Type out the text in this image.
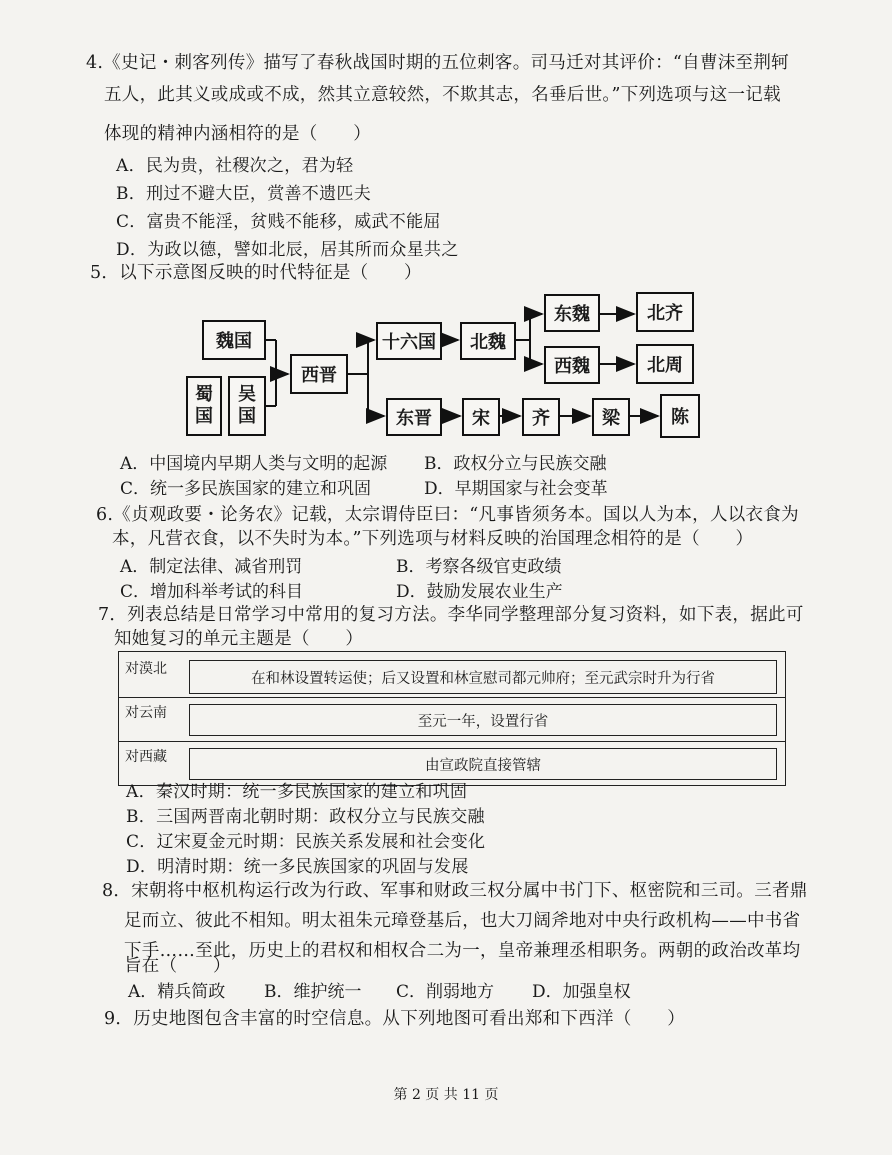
4.《史记・刺客列传》描写了春秋战国时期的五位刺客。司马迁对其评价：“自曹沫至荆轲
五人，此其义或成或不成，然其立意较然，不欺其志，名垂后世。”下列选项与这一记载
体现的精神内涵相符的是（　　）
A．民为贵，社稷次之，君为轻
B．刑过不避大臣，赏善不遗匹夫
C．富贵不能淫，贫贱不能移，威武不能屈
D．为政以德，譬如北辰，居其所而众星共之
5．以下示意图反映的时代特征是（　　）
魏国
蜀
国
吴
国
西晋
十六国	北魏
东魏
西魏
北齐
北周
东晋	宋	齐	梁	陈
A．中国境内早期人类与文明的起源 B．政权分立与民族交融
C．统一多民族国家的建立和巩固	D．早期国家与社会变革
6.《贞观政要・论务农》记载，太宗谓侍臣曰：“凡事皆须务本。国以人为本，人以衣食为
本，凡营衣食，以不失时为本。”下列选项与材料反映的治国理念相符的是（　　）
A．制定法律、减省刑罚	B．考察各级官吏政绩
C．增加科举考试的科目	D．鼓励发展农业生产
7．列表总结是日常学习中常用的复习方法。李华同学整理部分复习资料，如下表，据此可
知她复习的单元主题是（　　）
对漠北
在和林设置转运使；后又设置和林宣慰司都元帅府；至元武宗时升为行省
对云南
至元一年，设置行省
对西藏
由宣政院直接管辖
A．秦汉时期：统一多民族国家的建立和巩固
B．三国两晋南北朝时期：政权分立与民族交融
C．辽宋夏金元时期：民族关系发展和社会变化
D．明清时期：统一多民族国家的巩固与发展
8．宋朝将中枢机构运行改为行政、军事和财政三权分属中书门下、枢密院和三司。三者鼎
足而立、彼此不相知。明太祖朱元璋登基后，也大刀阔斧地对中央行政机构——中书省
下手……至此，历史上的君权和相权合二为一，皇帝兼理丞相职务。两朝的政治改革均
旨在（　　）
A．精兵简政 B．维护统一 C．削弱地方 D．加强皇权
9．历史地图包含丰富的时空信息。从下列地图可看出郑和下西洋（　　）
第 2 页 共 11 页
